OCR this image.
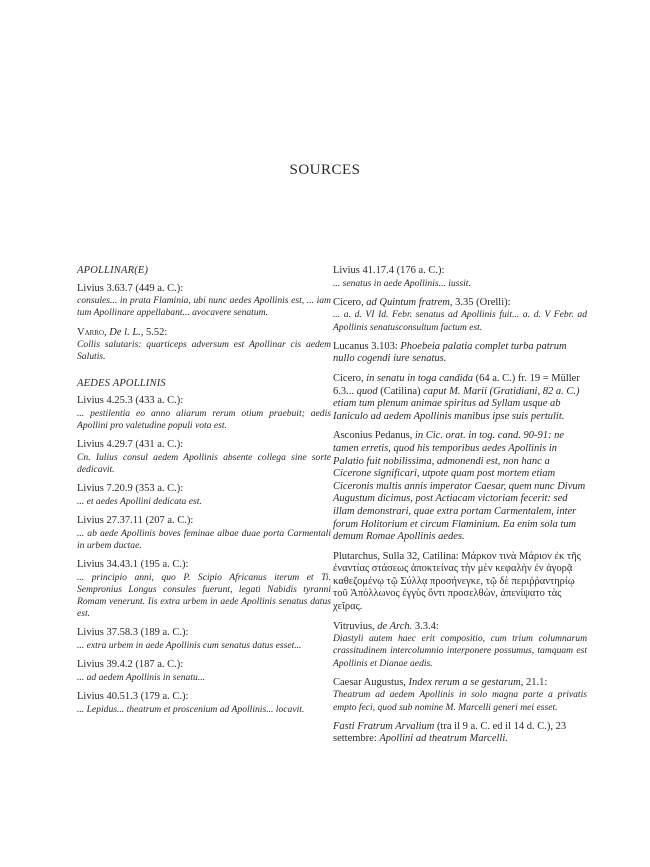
SOURCES
APOLLINAR(E)
Livius 3.63.7 (449 a. C.):
consules... in prata Flaminia, ubi nunc aedes Apollinis est, ... iam tum Apollinare appellabant... avocavere senatum.
Varro, De l. L., 5.52:
Collis salutaris: quarticeps adversum est Apollinar cis aedem Salutis.
AEDES APOLLINIS
Livius 4.25.3 (433 a. C.):
... pestilentia eo anno aliarum rerum otium praebuit; aedis Apollini pro valetudine populi vota est.
Livius 4.29.7 (431 a. C.):
Cn. Iulius consul aedem Apollinis absente collega sine sorte dedicavit.
Livius 7.20.9 (353 a. C.):
... et aedes Apollini dedicata est.
Livius 27.37.11 (207 a. C.):
... ab aede Apollinis boves feminae albae duae porta Carmentali in urbem ductae.
Livius 34.43.1 (195 a. C.):
... principio anni, quo P. Scipio Africanus iterum et Ti. Sempronius Longus consules fuerunt, legati Nabidis tyranni Romam venerunt. Iis extra urbem in aede Apollinis senatus datus est.
Livius 37.58.3 (189 a. C.):
... extra urbem in aede Apollinis cum senatus datus esset...
Livius 39.4.2 (187 a. C.):
... ad aedem Apollinis in senatu...
Livius 40.51.3 (179 a. C.):
... Lepidus... theatrum et proscenium ad Apollinis... locavit.
Livius 41.17.4 (176 a. C.):
... senatus in aede Apollinis... iussit.
Cicero, ad Quintum fratrem, 3.35 (Orelli):
... a. d. VI Id. Febr. senatus ad Apollinis fuit... a. d. V Febr. ad Apollinis senatusconsultum factum est.
Lucanus 3.103: Phoebeia palatia complet turba patrum nullo cogendi iure senatus.
Cicero, in senatu in toga candida (64 a. C.) fr. 19 = Müller 6.3... quod (Catilina) caput M. Marii (Gratidiani, 82 a. C.) etiam tum plenum animae spiritus ad Syllam usque ab Ianiculo ad aedem Apollinis manibus ipse suis pertulit.
Asconius Pedanus, in Cic. orat. in tog. cand. 90-91: ne tamen erretis, quod his temporibus aedes Apollinis in Palatio fuit nobilissima, admonendi est, non hanc a Cicerone significari, utpote quam post mortem etiam Ciceronis multis annis imperator Caesar, quem nunc Divum Augustum dicimus, post Actiacam victoriam fecerit: sed illam demonstrari, quae extra portam Carmentalem, inter forum Holitorium et circum Flaminium. Ea enim sola tum demum Romae Apollinis aedes.
Plutarchus, Sulla 32, Catilina: Μάρκον τινὰ Μάριον ἐκ τῆς ἐναντίας στάσεως ἀποκτείνας τὴν μὲν κεφαλὴν ἐν ἀγορᾷ καθεζομένῳ τῷ Σύλλᾳ προσήνεγκε, τῷ δὲ περιῤῥαντηρίῳ τοῦ Ἀπόλλωνος ἐγγὺς ὄντι προσελθὼν, ἀπενίψατο τὰς χεῖρας.
Vitruvius, de Arch. 3.3.4:
Diastyli autem haec erit compositio, cum trium columnarum crassitudinem intercolumnio interponere possumus, tamquam est Apollinis et Dianae aedis.
Caesar Augustus, Index rerum a se gestarum, 21.1:
Theatrum ad aedem Apollinis in solo magna parte a privatis empto feci, quod sub nomine M. Marcelli generi mei esset.
Fasti Fratrum Arvalium (tra il 9 a. C. ed il 14 d. C.), 23 settembre: Apollini ad theatrum Marcelli.
